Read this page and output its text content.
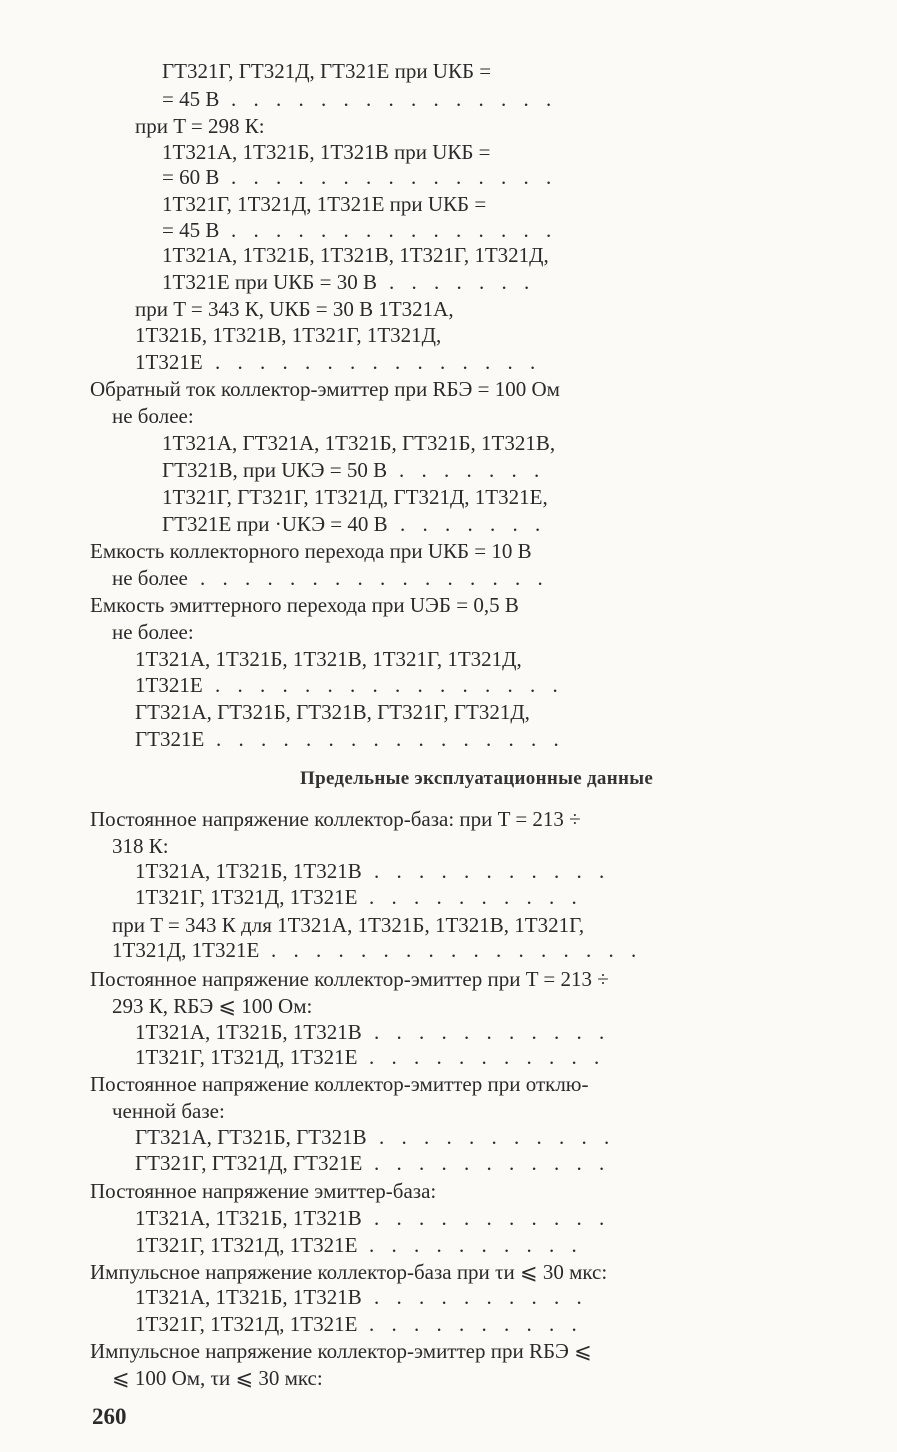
Предельные эксплуатационные данные
260
ГТ321Г, ГТ321Д, ГТ321Е при UКБ =
= 45 В . . . . . . . . . . . . . . .
при T = 298 К:
1Т321А, 1Т321Б, 1Т321В при UКБ =
= 60 В . . . . . . . . . . . . . . .
1Т321Г, 1Т321Д, 1Т321Е при UКБ =
= 45 В . . . . . . . . . . . . . . .
1Т321А, 1Т321Б, 1Т321В, 1Т321Г, 1Т321Д,
1Т321Е при UКБ = 30 В . . . . . . .
при T = 343 К, UКБ = 30 В 1Т321А,
1Т321Б, 1Т321В, 1Т321Г, 1Т321Д,
1Т321Е . . . . . . . . . . . . . . .
Обратный ток коллектор-эмиттер при RБЭ = 100 Ом
не более:
1Т321А, ГТ321А, 1Т321Б, ГТ321Б, 1Т321В,
ГТ321В, при UКЭ = 50 В . . . . . . .
1Т321Г, ГТ321Г, 1Т321Д, ГТ321Д, 1Т321Е,
ГТ321Е при ·UКЭ = 40 В . . . . . . .
Емкость коллекторного перехода при UКБ = 10 В
не более . . . . . . . . . . . . . . . .
Емкость эмиттерного перехода при UЭБ = 0,5 В
не более:
1Т321А, 1Т321Б, 1Т321В, 1Т321Г, 1Т321Д,
1Т321Е . . . . . . . . . . . . . . . .
ГТ321А, ГТ321Б, ГТ321В, ГТ321Г, ГТ321Д,
ГТ321Е . . . . . . . . . . . . . . . .
Постоянное напряжение коллектор-база: при T = 213 ÷
318 К:
1Т321А, 1Т321Б, 1Т321В . . . . . . . . . . .
1Т321Г, 1Т321Д, 1Т321Е . . . . . . . . . .
при T = 343 К для 1Т321А, 1Т321Б, 1Т321В, 1Т321Г,
1Т321Д, 1Т321Е . . . . . . . . . . . . . . . . .
Постоянное напряжение коллектор-эмиттер при T = 213 ÷
293 К, RБЭ ⩽ 100 Ом:
1Т321А, 1Т321Б, 1Т321В . . . . . . . . . . .
1Т321Г, 1Т321Д, 1Т321Е . . . . . . . . . . .
Постоянное напряжение коллектор-эмиттер при отклю-
ченной базе:
ГТ321А, ГТ321Б, ГТ321В . . . . . . . . . . .
ГТ321Г, ГТ321Д, ГТ321Е . . . . . . . . . . .
Постоянное напряжение эмиттер-база:
1Т321А, 1Т321Б, 1Т321В . . . . . . . . . . .
1Т321Г, 1Т321Д, 1Т321Е . . . . . . . . . .
Импульсное напряжение коллектор-база при τи ⩽ 30 мкс:
1Т321А, 1Т321Б, 1Т321В . . . . . . . . . .
1Т321Г, 1Т321Д, 1Т321Е . . . . . . . . . .
Импульсное напряжение коллектор-эмиттер при RБЭ ⩽
⩽ 100 Ом, τи ⩽ 30 мкс:
